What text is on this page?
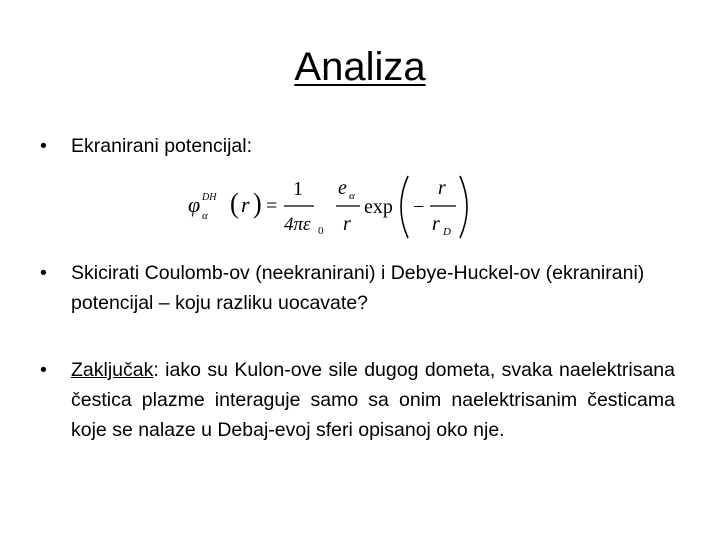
Analiza
•	Ekranirani potencijal:
φ DH
α ( r ) =
1
4πε 0
e α
r
exp −
r
r D
•	Skicirati Coulomb-ov (neekranirani) i Debye-Huckel-ov (ekranirani) potencijal – koju razliku uocavate?
•	Zaključak: iako su Kulon-ove sile dugog dometa, svaka naelektrisana čestica plazme interaguje samo sa onim naelektrisanim česticama koje se nalaze u Debaj-evoj sferi opisanoj oko nje.
